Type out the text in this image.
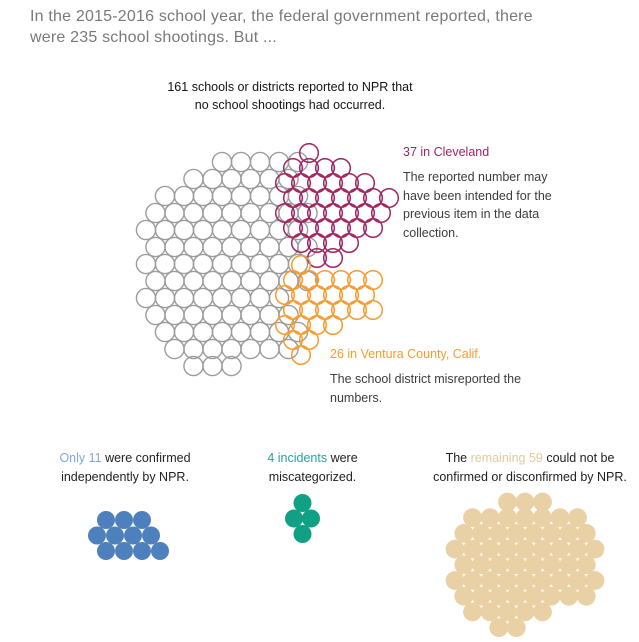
In the 2015-2016 school year, the federal government reported, there
were 235 school shootings. But ...
161 schools or districts reported to NPR that
no school shootings had occurred.
37 in Cleveland
The reported number may
have been intended for the
previous item in the data
collection.
26 in Ventura County, Calif.
The school district misreported the
numbers.
Only 11 were confirmed
independently by NPR.
4 incidents were
miscategorized.
The remaining 59 could not be
confirmed or disconfirmed by NPR.
